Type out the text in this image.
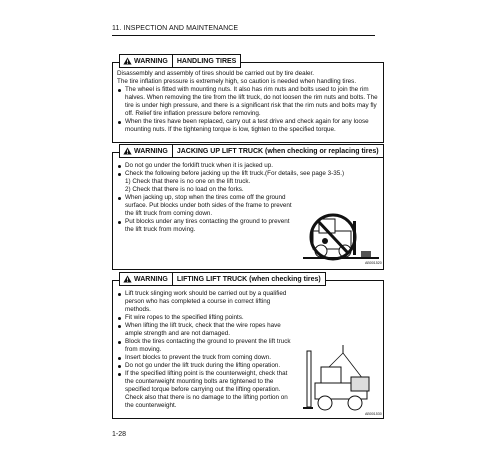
11. INSPECTION AND MAINTENANCE
WARNING	HANDLING TIRES

Disassembly and assembly of tires should be carried out by tire dealer.

The tire inflation pressure is extremely high, so caution is needed when handling tires.

The wheel is fitted with mounting nuts. It also has rim nuts and bolts used to join the rim halves. When removing the tire from the lift truck, do not loosen the rim nuts and bolts. The tire is under high pressure, and there is a significant risk that the rim nuts and bolts may fly off. Relief tire inflation pressure before removing.
When the tires have been replaced, carry out a test drive and check again for any loose mounting nuts. If the tightening torque is low, tighten to the specified torque.
WARNING	JACKING UP LIFT TRUCK (when checking or replacing tires)
Do not go under the forklift truck when it is jacked up.
Check the following before jacking up the lift truck.(For details, see page 3-35.)
1) Check that there is no one on the lift truck.
2) Check that there is no load on the forks.
When jacking up, stop when the tires come off the ground surface. Put blocks under both sides of the frame to prevent the lift truck from coming down.
Put blocks under any tires contacting the ground to prevent the lift truck from moving.
AB001520
WARNING	LIFTING LIFT TRUCK (when checking tires)
Lift truck slinging work should be carried out by a qualified person who has completed a course in correct lifting methods.
Fit wire ropes to the specified lifting points.
When lifting the lift truck, check that the wire ropes have ample strength and are not damaged.
Block the tires contacting the ground to prevent the lift truck from moving.
Insert blocks to prevent the truck from coming down.
Do not go under the lift truck during the lifting operation.
If the specified lifting point is the counterweight, check that the counterweight mounting bolts are tightened to the specified torque before carrying out the lifting operation. Check also that there is no damage to the lifting portion on the counterweight.
AB001530
1-28
